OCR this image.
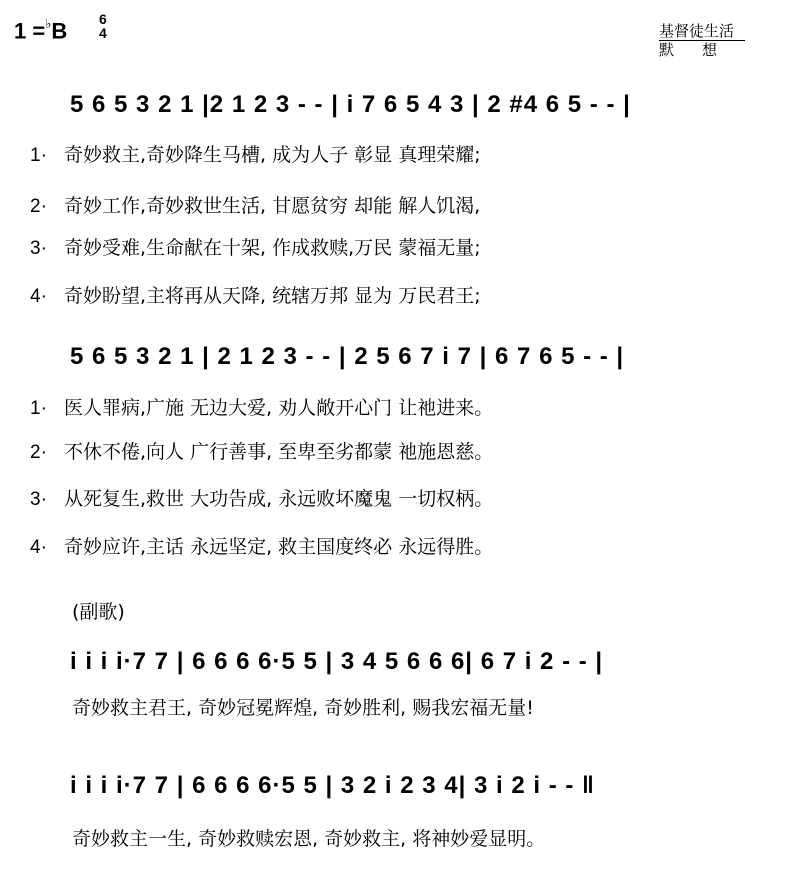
1 =♭B 6
4	基督徒生活
默想
5 6 5 3 2 1 |2 1 2 3 - - | i 7 6 5 4 3 | 2 #4 6 5 - - |
1· 奇妙救主,奇妙降生马槽, 成为人子 彰显 真理荣耀;
2· 奇妙工作,奇妙救世生活, 甘愿贫穷 却能 解人饥渴,
3· 奇妙受难,生命献在十架, 作成救赎,万民 蒙福无量;
4· 奇妙盼望,主将再从天降, 统辖万邦 显为 万民君王;
5 6 5 3 2 1 | 2 1 2 3 - - | 2 5 6 7 i 7 | 6 7 6 5 - - |
1· 医人罪病,广施 无边大爱, 劝人敞开心门 让祂进来。
2· 不休不倦,向人 广行善事, 至卑至劣都蒙 祂施恩慈。
3· 从死复生,救世 大功告成, 永远败坏魔鬼 一切权柄。
4· 奇妙应许,主话 永远坚定, 救主国度终必 永远得胜。
(副歌)
i i i i·7 7 | 6 6 6 6·5 5 | 3 4 5 6 6 6| 6 7 i 2 - - |
奇妙救主君王, 奇妙冠冕辉煌, 奇妙胜利, 赐我宏福无量!
i i i i·7 7 | 6 6 6 6·5 5 | 3 2 i 2 3 4| 3 i 2 i - - ‖
奇妙救主一生, 奇妙救赎宏恩, 奇妙救主, 将神妙爱显明。
